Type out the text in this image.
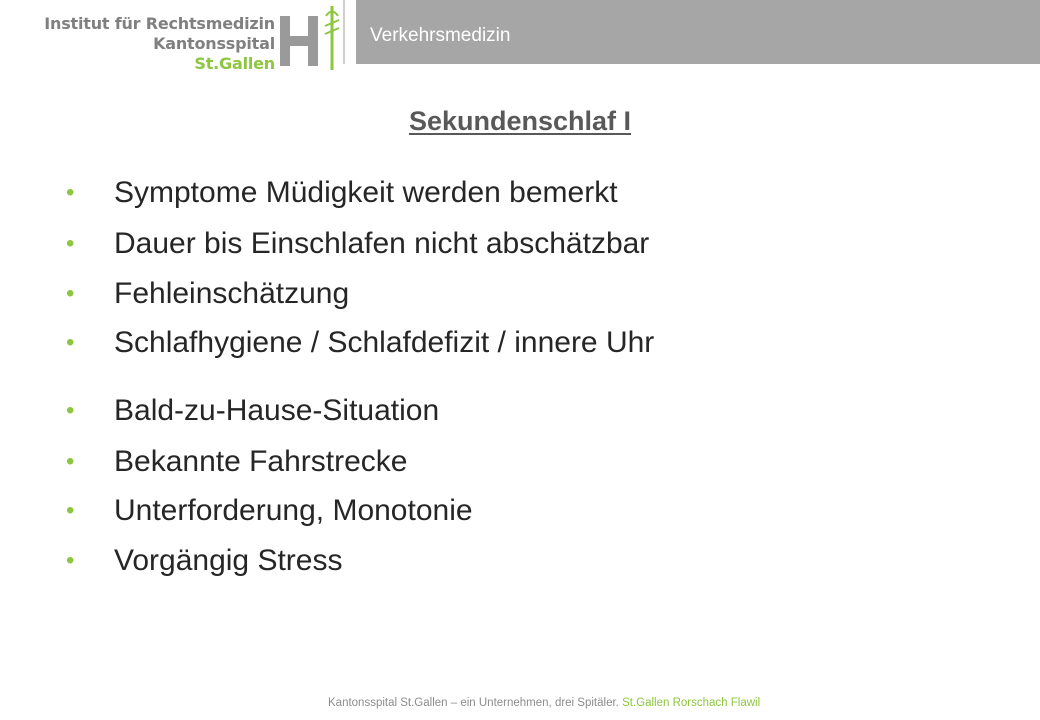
Verkehrsmedizin
Institut für Rechtsmedizin
Kantonsspital
St.Gallen
Sekundenschlaf I
• Symptome Müdigkeit werden bemerkt
• Dauer bis Einschlafen nicht abschätzbar
• Fehleinschätzung
• Schlafhygiene / Schlafdefizit / innere Uhr
• Bald-zu-Hause-Situation
• Bekannte Fahrstrecke
• Unterforderung, Monotonie
• Vorgängig Stress
Kantonsspital St.Gallen – ein Unternehmen, drei Spitäler. St.Gallen Rorschach Flawil
